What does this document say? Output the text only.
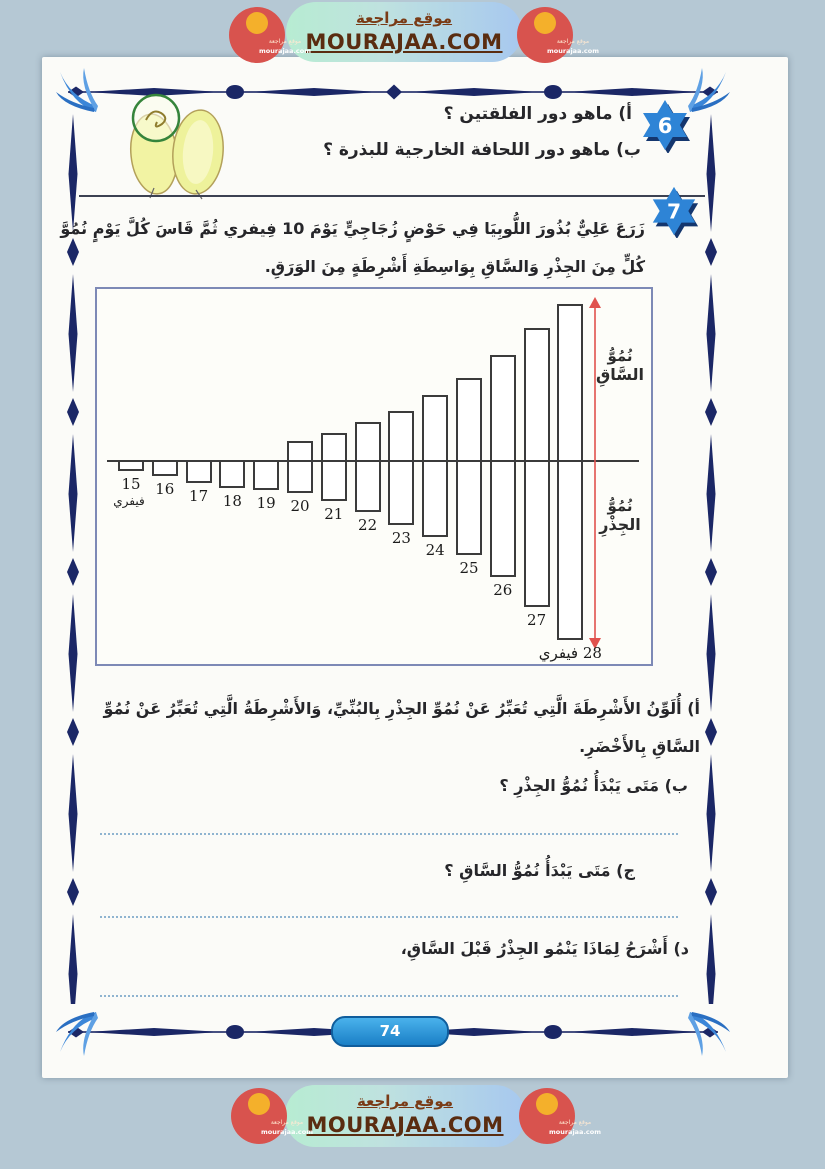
موقع مراجعة
MOURAJAA.COM
موقع مراجعة
mourajaa.com
موقع مراجعة
mourajaa.com
6
أ) ماهو دور الفلقتين ؟
ب) ماهو دور اللحافة الخارجية للبذرة ؟
7
زَرَعَ عَلِيٌّ بُذُورَ اللُّوبِيَا فِي حَوْضٍ زُجَاجِيٍّ يَوْمَ 10 فِيفري ثُمَّ قَاسَ كُلَّ يَوْمٍ نُمُوَّ
كُلٍّ مِنَ الجِذْرِ وَالسَّاقِ بِوَاسِطَةِ أَشْرِطَةٍ مِنَ الوَرَقِ.
نُمُوُّ
السَّاقِ
نُمُوُّ
الجِذْرِ
15
فيفري
16 17 18 19 20 21
22
23
24
25
26
27
28 فيفري
أ) أُلَوِّنُ الأَشْرِطَةَ الَّتِي تُعَبِّرُ عَنْ نُمُوِّ الجِذْرِ بِالبُنِّيِّ، وَالأَشْرِطَةُ الَّتِي تُعَبِّرُ عَنْ نُمُوِّ
السَّاقِ بِالأَخْضَرِ.
ب) مَتَى يَبْدَأُ نُمُوُّ الجِذْرِ ؟
ج) مَتَى يَبْدَأُ نُمُوُّ السَّاقِ ؟
د) أَشْرَحُ لِمَاذَا يَنْمُو الجِذْرُ قَبْلَ السَّاقِ،
74
موقع مراجعة
MOURAJAA.COM
موقع مراجعة
mourajaa.com
موقع مراجعة
mourajaa.com
